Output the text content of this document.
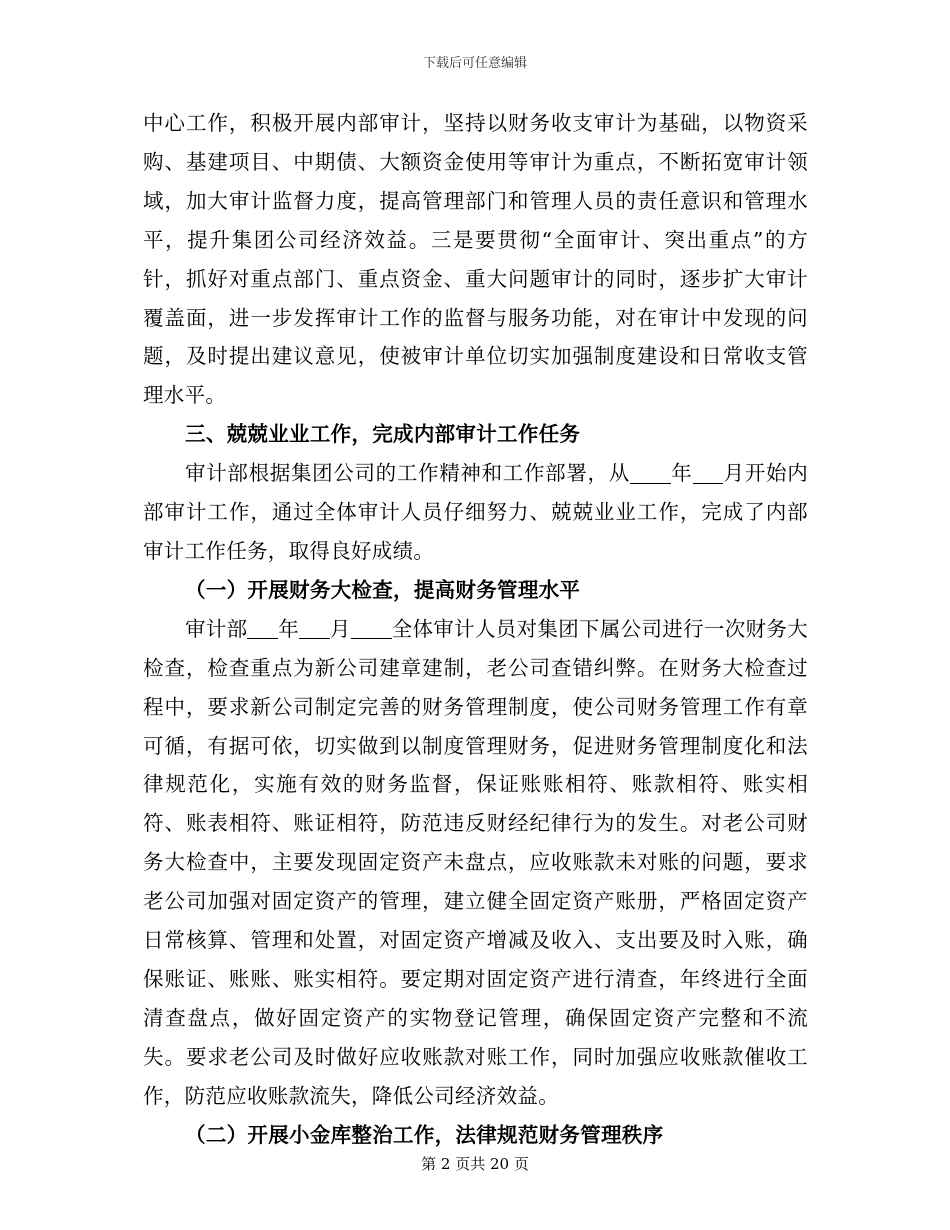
下载后可任意编辑

中心工作，积极开展内部审计，坚持以财务收支审计为基础，以物资采购、基建项目、中期债、大额资金使用等审计为重点，不断拓宽审计领域，加大审计监督力度，提高管理部门和管理人员的责任意识和管理水平，提升集团公司经济效益。三是要贯彻“全面审计、突出重点”的方针，抓好对重点部门、重点资金、重大问题审计的同时，逐步扩大审计覆盖面，进一步发挥审计工作的监督与服务功能，对在审计中发现的问题，及时提出建议意见，使被审计单位切实加强制度建设和日常收支管理水平。

三、兢兢业业工作，完成内部审计工作任务

审计部根据集团公司的工作精神和工作部署，从 年 月开始内部审计工作，通过全体审计人员仔细努力、兢兢业业工作，完成了内部审计工作任务，取得良好成绩。

（一）开展财务大检查，提高财务管理水平

审计部 年 月 全体审计人员对集团下属公司进行一次财务大检查，检查重点为新公司建章建制，老公司查错纠弊。在财务大检查过程中，要求新公司制定完善的财务管理制度，使公司财务管理工作有章可循，有据可依，切实做到以制度管理财务，促进财务管理制度化和法律规范化，实施有效的财务监督，保证账账相符、账款相符、账实相符、账表相符、账证相符，防范违反财经纪律行为的发生。对老公司财务大检查中，主要发现固定资产未盘点，应收账款未对账的问题，要求老公司加强对固定资产的管理，建立健全固定资产账册，严格固定资产日常核算、管理和处置，对固定资产增减及收入、支出要及时入账，确保账证、账账、账实相符。要定期对固定资产进行清查，年终进行全面清查盘点，做好固定资产的实物登记管理，确保固定资产完整和不流失。要求老公司及时做好应收账款对账工作，同时加强应收账款催收工作，防范应收账款流失，降低公司经济效益。

（二）开展小金库整治工作，法律规范财务管理秩序

第 2 页共 20 页
